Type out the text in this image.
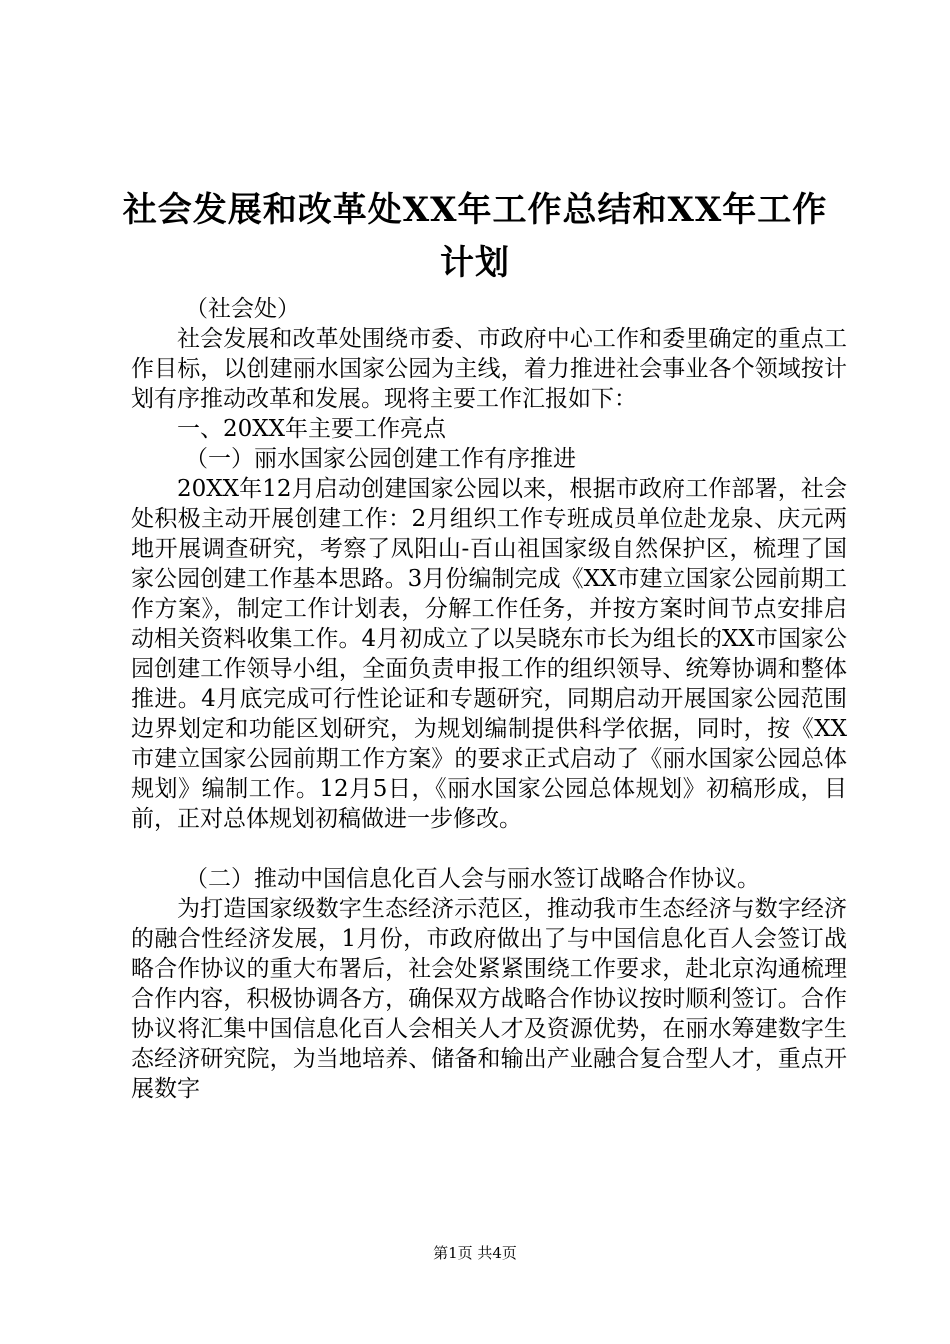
社会发展和改革处XX年工作总结和XX年工作
计划

（社会处）

社会发展和改革处围绕市委、市政府中心工作和委里确定的重点工作目标，以创建丽水国家公园为主线，着力推进社会事业各个领域按计划有序推动改革和发展。现将主要工作汇报如下：

一、20XX年主要工作亮点

（一）丽水国家公园创建工作有序推进

20XX年12月启动创建国家公园以来，根据市政府工作部署，社会处积极主动开展创建工作：2月组织工作专班成员单位赴龙泉、庆元两地开展调查研究，考察了凤阳山-百山祖国家级自然保护区，梳理了国家公园创建工作基本思路。3月份编制完成《XX市建立国家公园前期工作方案》，制定工作计划表，分解工作任务，并按方案时间节点安排启动相关资料收集工作。4月初成立了以吴晓东市长为组长的XX市国家公园创建工作领导小组，全面负责申报工作的组织领导、统筹协调和整体推进。4月底完成可行性论证和专题研究，同期启动开展国家公园范围边界划定和功能区划研究，为规划编制提供科学依据，同时，按《XX市建立国家公园前期工作方案》的要求正式启动了《丽水国家公园总体规划》编制工作。12月5日，《丽水国家公园总体规划》初稿形成，目前，正对总体规划初稿做进一步修改。

（二）推动中国信息化百人会与丽水签订战略合作协议。

为打造国家级数字生态经济示范区，推动我市生态经济与数字经济的融合性经济发展，1月份，市政府做出了与中国信息化百人会签订战略合作协议的重大布署后，社会处紧紧围绕工作要求，赴北京沟通梳理合作内容，积极协调各方，确保双方战略合作协议按时顺利签订。合作协议将汇集中国信息化百人会相关人才及资源优势，在丽水筹建数字生态经济研究院，为当地培养、储备和输出产业融合复合型人才，重点开展数字

第1页 共4页
